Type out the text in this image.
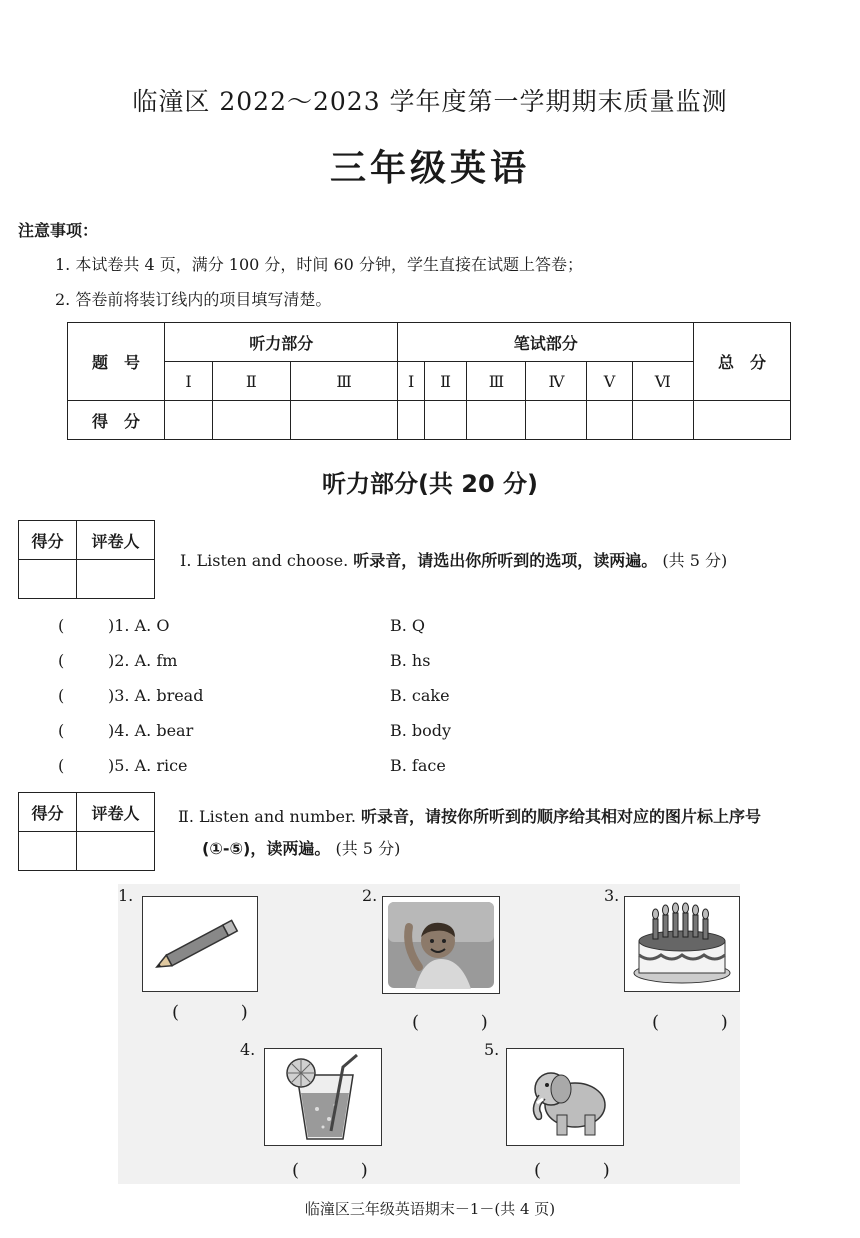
临潼区 2022～2023 学年度第一学期期末质量监测
三年级英语
注意事项：
1. 本试卷共 4 页，满分 100 分，时间 60 分钟，学生直接在试题上答卷；
2. 答卷前将装订线内的项目填写清楚。
题　号	听力部分			笔试部分						总　分
	Ⅰ	Ⅱ	Ⅲ	Ⅰ	Ⅱ	Ⅲ	Ⅳ	Ⅴ	Ⅵ	
得　分										
听力部分(共 20 分)
得分	评卷人

Ⅰ. Listen and choose. 听录音，请选出你所听到的选项，读两遍。 (共 5 分)
(	)1. A. O	B. Q
(	)2. A. fm	B. hs
(	)3. A. bread	B. cake
(	)4. A. bear	B. body
(	)5. A. rice	B. face
得分	评卷人
	Ⅱ. Listen and number. 听录音，请按你所听到的顺序给其相对应的图片标上序号
(①-⑤)，读两遍。 (共 5 分)
1.
( )
2.
( )
3.
( )
4.
( )
5.
( )
临潼区三年级英语期末－1－(共 4 页)
